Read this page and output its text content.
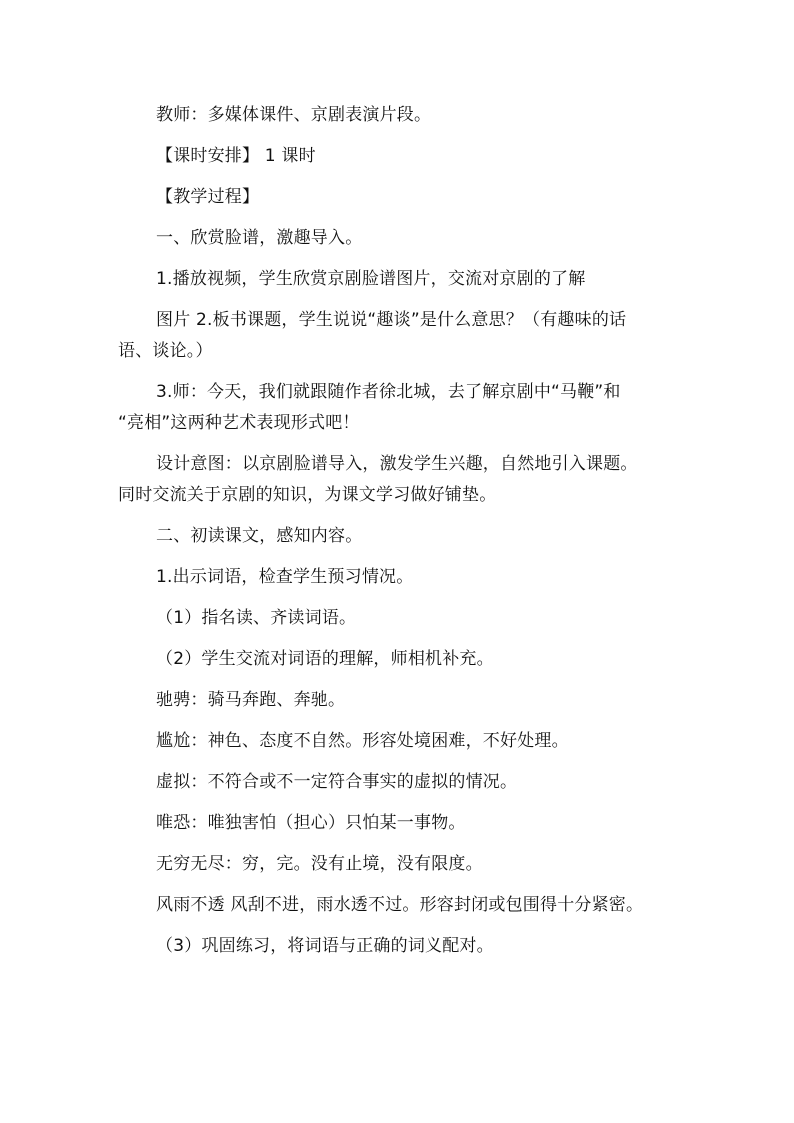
教师：多媒体课件、京剧表演片段。

【课时安排】 1 课时

【教学过程】

一、欣赏脸谱，激趣导入。

1.播放视频，学生欣赏京剧脸谱图片，交流对京剧的了解

图片 2.板书课题，学生说说“趣谈”是什么意思？（有趣味的话

语、谈论。）

3.师：今天，我们就跟随作者徐北城，去了解京剧中“马鞭”和

“亮相”这两种艺术表现形式吧！

设计意图：以京剧脸谱导入，激发学生兴趣，自然地引入课题。

同时交流关于京剧的知识，为课文学习做好铺垫。

二、初读课文，感知内容。

1.出示词语，检查学生预习情况。

（1）指名读、齐读词语。

（2）学生交流对词语的理解，师相机补充。

驰骋：骑马奔跑、奔驰。

尴尬：神色、态度不自然。形容处境困难，不好处理。

虚拟：不符合或不一定符合事实的虚拟的情况。

唯恐：唯独害怕（担心）只怕某一事物。

无穷无尽：穷，完。没有止境，没有限度。

风雨不透 风刮不进，雨水透不过。形容封闭或包围得十分紧密。

（3）巩固练习，将词语与正确的词义配对。
